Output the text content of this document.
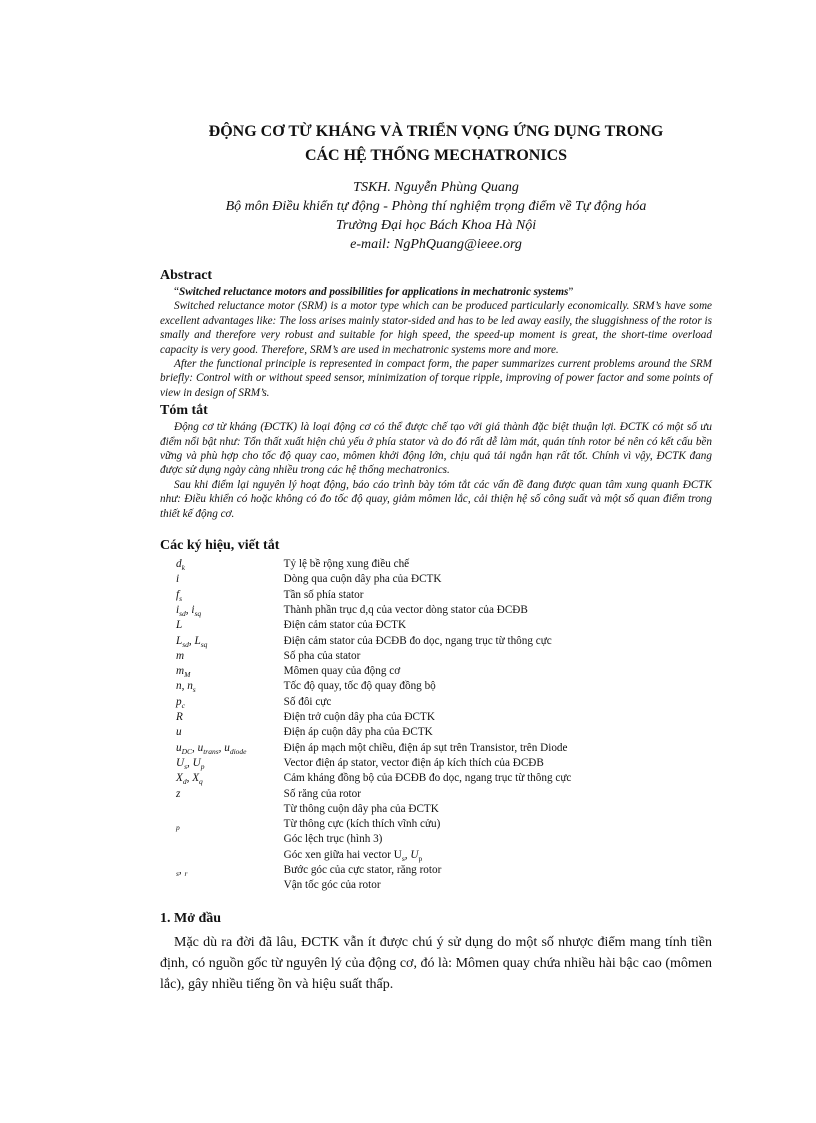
ĐỘNG CƠ TỪ KHÁNG VÀ TRIỂN VỌNG ỨNG DỤNG TRONG
CÁC HỆ THỐNG MECHATRONICS
TSKH. Nguyễn Phùng Quang
Bộ môn Điều khiển tự động - Phòng thí nghiệm trọng điểm về Tự động hóa
Trường Đại học Bách Khoa Hà Nội
e-mail: NgPhQuang@ieee.org
Abstract

“Switched reluctance motors and possibilities for applications in mechatronic systems”

Switched reluctance motor (SRM) is a motor type which can be produced particularly economically. SRM’s have some excellent advantages like: The loss arises mainly stator-sided and has to be led away easily, the sluggishness of the rotor is smally and therefore very robust and suitable for high speed, the speed-up moment is great, the short-time overload capacity is very good. Therefore, SRM’s are used in mechatronic systems more and more.

After the functional principle is represented in compact form, the paper summarizes current problems around the SRM briefly: Control with or without speed sensor, minimization of torque ripple, improving of power factor and some points of view in design of SRM’s.

Tóm tắt

Động cơ từ kháng (ĐCTK) là loại động cơ có thể được chế tạo với giá thành đặc biệt thuận lợi. ĐCTK có một số ưu điểm nổi bật như: Tổn thất xuất hiện chủ yếu ở phía stator và do đó rất dễ làm mát, quán tính rotor bé nên có kết cấu bền vững và phù hợp cho tốc độ quay cao, mômen khởi động lớn, chịu quá tải ngắn hạn rất tốt. Chính vì vậy, ĐCTK đang được sử dụng ngày càng nhiều trong các hệ thống mechatronics.

Sau khi điểm lại nguyên lý hoạt động, báo cáo trình bày tóm tắt các vấn đề đang được quan tâm xung quanh ĐCTK như: Điều khiển có hoặc không có đo tốc độ quay, giảm mômen lắc, cải thiện hệ số công suất và một số quan điểm trong thiết kế động cơ.

Các ký hiệu, viết tắt
$d_k$	Tỷ lệ bề rộng xung điều chế
i	Dòng qua cuộn dây pha của ĐCTK
$f_s$	Tần số phía stator
$i_{sd}$, $i_{sq}$	Thành phần trục d,q của vector dòng stator của ĐCĐB
L	Điện cảm stator của ĐCTK
$L_{sd}$, $L_{sq}$	Điện cảm stator của ĐCĐB đo dọc, ngang trục từ thông cực
m	Số pha của stator
$m_M$	Mômen quay của động cơ
n, $n_s$	Tốc độ quay, tốc độ quay đồng bộ
$p_c$	Số đôi cực
R	Điện trở cuộn dây pha của ĐCTK
u	Điện áp cuộn dây pha của ĐCTK
$u_{DC}$, $u_{trans}$, $u_{diode}$	Điện áp mạch một chiều, điện áp sụt trên Transistor, trên Diode
$U_s$, $U_p$	Vector điện áp stator, vector điện áp kích thích của ĐCĐB
$X_d$, $X_q$	Cảm kháng đồng bộ của ĐCĐB đo dọc, ngang trục từ thông cực
z	Số răng của rotor
	Từ thông cuộn dây pha của ĐCTK
$_p$	Từ thông cực (kích thích vĩnh cửu)
	Góc lệch trục (hình 3)
	Góc xen giữa hai vector $U_s$, $U_p$
$_s$, $_r$	Bước góc của cực stator, răng rotor
	Vận tốc góc của rotor
1. Mở đầu

Mặc dù ra đời đã lâu, ĐCTK vẫn ít được chú ý sử dụng do một số nhược điểm mang tính tiền định, có nguồn gốc từ nguyên lý của động cơ, đó là: Mômen quay chứa nhiều hài bậc cao (mômen lắc), gây nhiều tiếng ồn và hiệu suất thấp.
